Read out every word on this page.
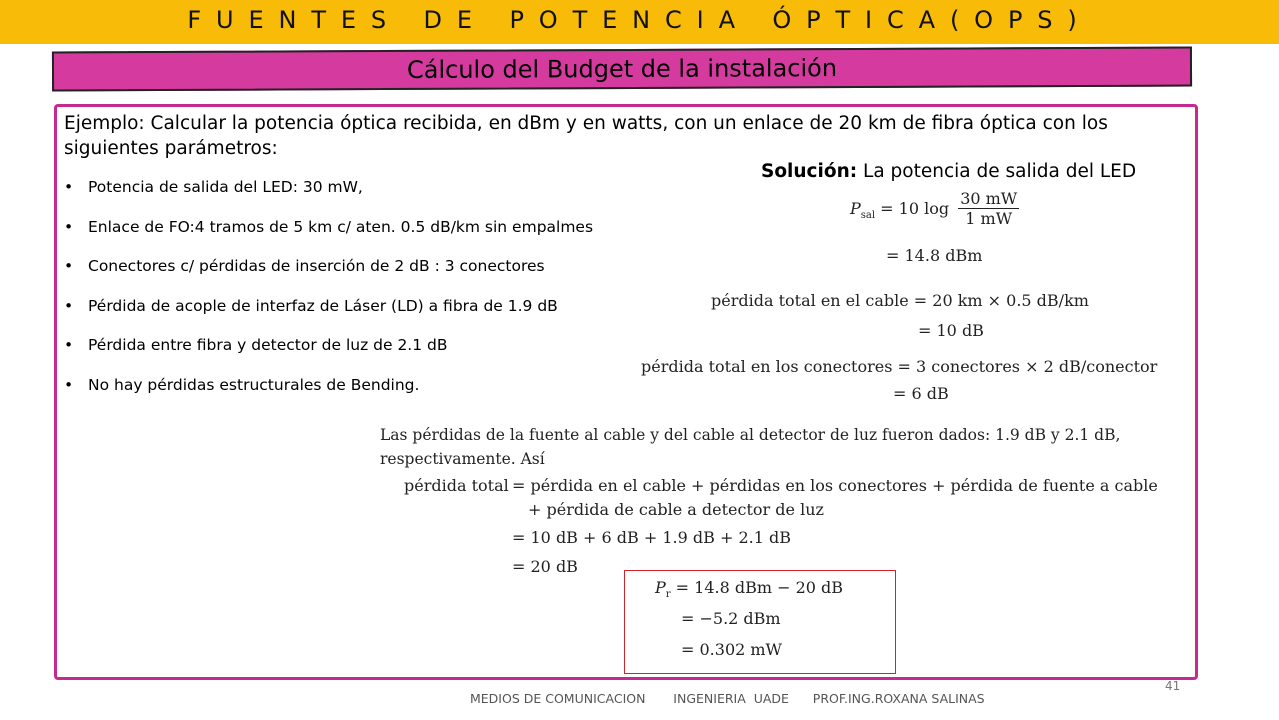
FUENTES DE POTENCIA ÓPTICA(OPS)
Cálculo del Budget de la instalación

Ejemplo: Calcular la potencia óptica recibida, en dBm y en watts, con un enlace de 20 km de fibra óptica con los siguientes parámetros:

• Potencia de salida del LED: 30 mW,
• Enlace de FO:4 tramos de 5 km c/ aten. 0.5 dB/km sin empalmes
• Conectores c/ pérdidas de inserción de 2 dB : 3 conectores
• Pérdida de acople de interfaz de Láser (LD) a fibra de 1.9 dB
• Pérdida entre fibra y detector de luz de 2.1 dB
• No hay pérdidas estructurales de Bending.
Solución: La potencia de salida del LED
$P_{sal} = 10$ $\log \frac{30 mW}{1 mW}$
= 14.8 dBm
pérdida total en el cable = 20 km × 0.5 dB/km
= 10 dB
pérdida total en los conectores = 3 conectores × 2 dB/conector
= 6 dB

Las pérdidas de la fuente al cable y del cable al detector de luz fueron dados: 1.9 dB y 2.1 dB, respectivamente. Así

pérdida total = pérdida en el cable + pérdidas en los conectores + pérdida de fuente a cable
+ pérdida de cable a detector de luz
= 10 dB + 6 dB + 1.9 dB + 2.1 dB
= 20 dB
$P_r = 14.8$ dBm − 20 dB
= −5.2 dBm
= 0.302 mW
MEDIOS DE COMUNICACION INGENIERIA  UADE PROF.ING.ROXANA SALINAS
41
